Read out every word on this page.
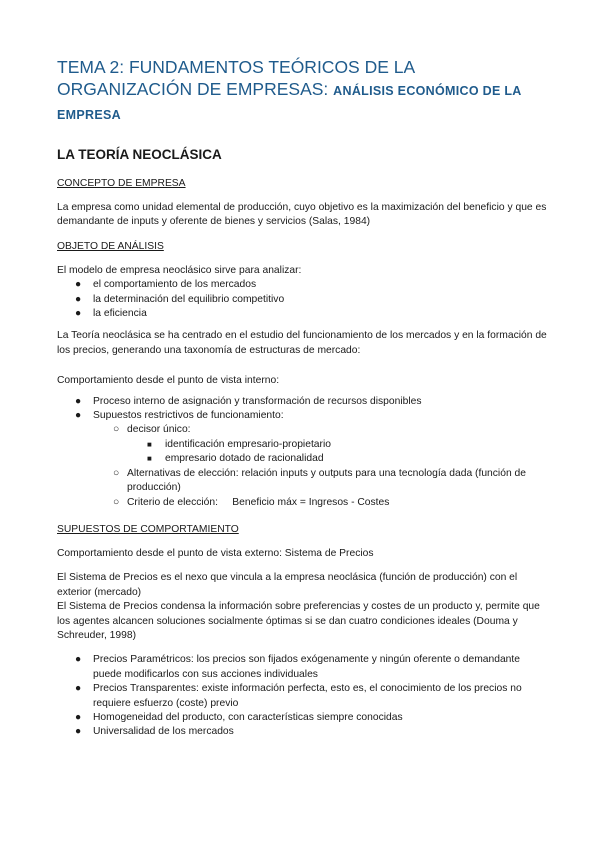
TEMA 2: FUNDAMENTOS TEÓRICOS DE LA ORGANIZACIÓN DE EMPRESAS: ANÁLISIS ECONÓMICO DE LA EMPRESA
LA TEORÍA NEOCLÁSICA
CONCEPTO DE EMPRESA

La empresa como unidad elemental de producción, cuyo objetivo es la maximización del beneficio y que es demandante de inputs y oferente de bienes y servicios (Salas, 1984)

OBJETO DE ANÁLISIS

El modelo de empresa neoclásico sirve para analizar:

● el comportamiento de los mercados
● la determinación del equilibrio competitivo
● la eficiencia

La Teoría neoclásica se ha centrado en el estudio del funcionamiento de los mercados y en la formación de los precios, generando una taxonomía de estructuras de mercado:

Comportamiento desde el punto de vista interno:

● Proceso interno de asignación y transformación de recursos disponibles
● Supuestos restrictivos de funcionamiento:
○ decisor único:
■ identificación empresario-propietario
■ empresario dotado de racionalidad
○ Alternativas de elección: relación inputs y outputs para una tecnología dada (función de producción)
○ Criterio de elección:     Beneficio máx = Ingresos - Costes
SUPUESTOS DE COMPORTAMIENTO

Comportamiento desde el punto de vista externo: Sistema de Precios

El Sistema de Precios es el nexo que vincula a la empresa neoclásica (función de producción) con el exterior (mercado)

El Sistema de Precios condensa la información sobre preferencias y costes de un producto y, permite que los agentes alcancen soluciones socialmente óptimas si se dan cuatro condiciones ideales (Douma y Schreuder, 1998)

● Precios Paramétricos: los precios son fijados exógenamente y ningún oferente o demandante puede modificarlos con sus acciones individuales
● Precios Transparentes: existe información perfecta, esto es, el conocimiento de los precios no requiere esfuerzo (coste) previo
● Homogeneidad del producto, con características siempre conocidas
● Universalidad de los mercados
